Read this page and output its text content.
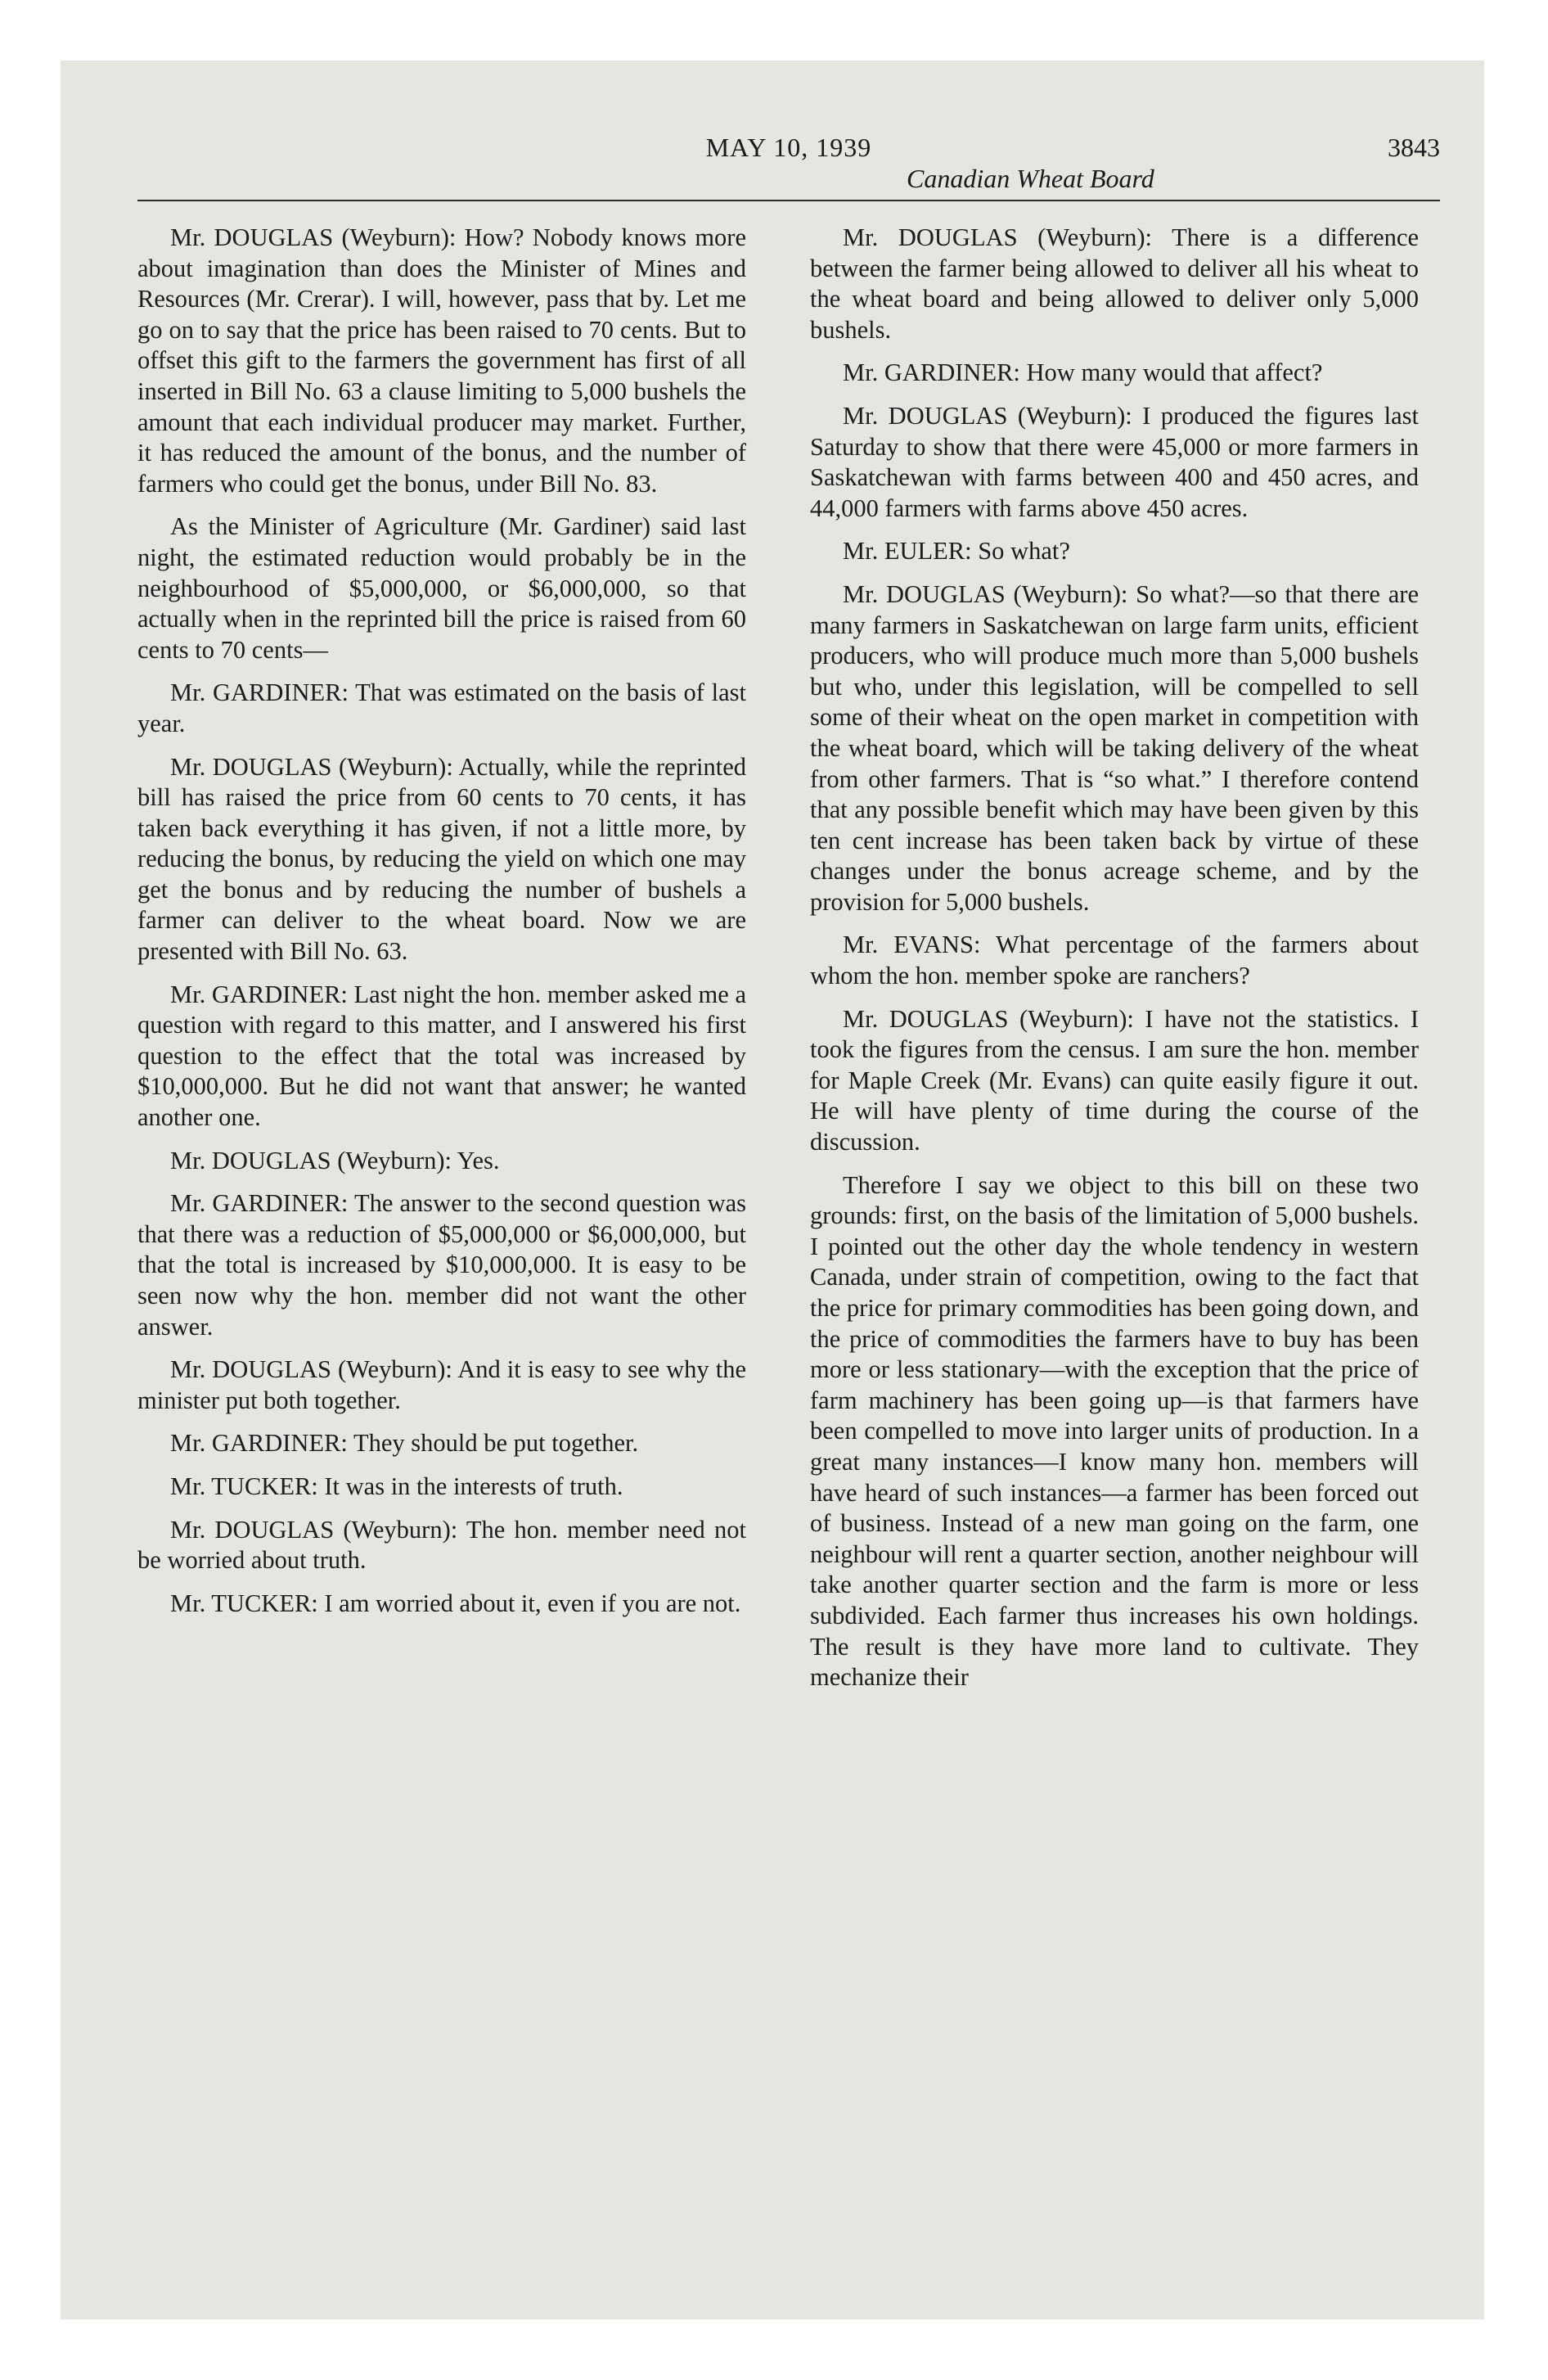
MAY 10, 1939	3843
Canadian Wheat Board

Mr. DOUGLAS (Weyburn): How? Nobody knows more about imagination than does the Minister of Mines and Resources (Mr. Crerar). I will, however, pass that by. Let me go on to say that the price has been raised to 70 cents. But to offset this gift to the farmers the government has first of all inserted in Bill No. 63 a clause limiting to 5,000 bushels the amount that each individual producer may market. Further, it has reduced the amount of the bonus, and the number of farmers who could get the bonus, under Bill No. 83.

As the Minister of Agriculture (Mr. Gardiner) said last night, the estimated reduction would probably be in the neighbourhood of $5,000,000, or $6,000,000, so that actually when in the reprinted bill the price is raised from 60 cents to 70 cents—

Mr. GARDINER: That was estimated on the basis of last year.

Mr. DOUGLAS (Weyburn): Actually, while the reprinted bill has raised the price from 60 cents to 70 cents, it has taken back everything it has given, if not a little more, by reducing the bonus, by reducing the yield on which one may get the bonus and by reducing the number of bushels a farmer can deliver to the wheat board. Now we are presented with Bill No. 63.

Mr. GARDINER: Last night the hon. member asked me a question with regard to this matter, and I answered his first question to the effect that the total was increased by $10,000,000. But he did not want that answer; he wanted another one.

Mr. DOUGLAS (Weyburn): Yes.

Mr. GARDINER: The answer to the second question was that there was a reduction of $5,000,000 or $6,000,000, but that the total is increased by $10,000,000. It is easy to be seen now why the hon. member did not want the other answer.

Mr. DOUGLAS (Weyburn): And it is easy to see why the minister put both together.

Mr. GARDINER: They should be put together.

Mr. TUCKER: It was in the interests of truth.

Mr. DOUGLAS (Weyburn): The hon. member need not be worried about truth.

Mr. TUCKER: I am worried about it, even if you are not.

Mr. DOUGLAS (Weyburn): There is a difference between the farmer being allowed to deliver all his wheat to the wheat board and being allowed to deliver only 5,000 bushels.

Mr. GARDINER: How many would that affect?

Mr. DOUGLAS (Weyburn): I produced the figures last Saturday to show that there were 45,000 or more farmers in Saskatchewan with farms between 400 and 450 acres, and 44,000 farmers with farms above 450 acres.

Mr. EULER: So what?

Mr. DOUGLAS (Weyburn): So what?—so that there are many farmers in Saskatchewan on large farm units, efficient producers, who will produce much more than 5,000 bushels but who, under this legislation, will be compelled to sell some of their wheat on the open market in competition with the wheat board, which will be taking delivery of the wheat from other farmers. That is “so what.” I therefore contend that any possible benefit which may have been given by this ten cent increase has been taken back by virtue of these changes under the bonus acreage scheme, and by the provision for 5,000 bushels.

Mr. EVANS: What percentage of the farmers about whom the hon. member spoke are ranchers?

Mr. DOUGLAS (Weyburn): I have not the statistics. I took the figures from the census. I am sure the hon. member for Maple Creek (Mr. Evans) can quite easily figure it out. He will have plenty of time during the course of the discussion.

Therefore I say we object to this bill on these two grounds: first, on the basis of the limitation of 5,000 bushels. I pointed out the other day the whole tendency in western Canada, under strain of competition, owing to the fact that the price for primary commodities has been going down, and the price of commodities the farmers have to buy has been more or less stationary—with the exception that the price of farm machinery has been going up—is that farmers have been compelled to move into larger units of production. In a great many instances—I know many hon. members will have heard of such instances—a farmer has been forced out of business. Instead of a new man going on the farm, one neighbour will rent a quarter section, another neighbour will take another quarter section and the farm is more or less subdivided. Each farmer thus increases his own holdings. The result is they have more land to cultivate. They mechanize their
